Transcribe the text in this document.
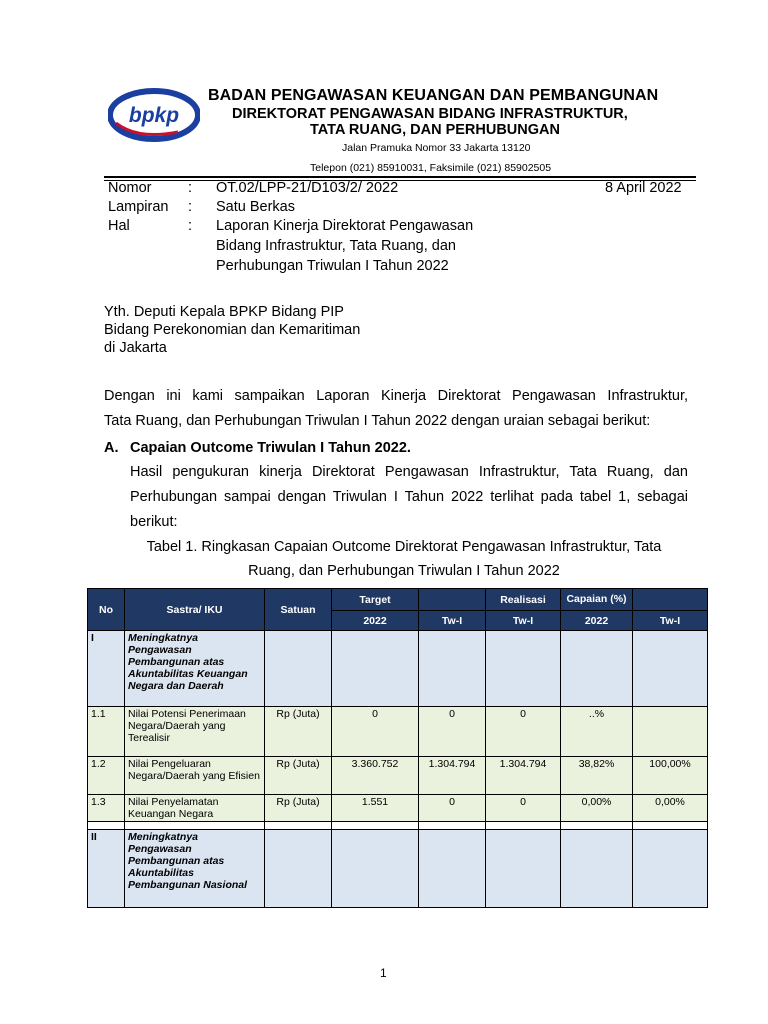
bpkp
BADAN PENGAWASAN KEUANGAN DAN PEMBANGUNAN
DIREKTORAT PENGAWASAN BIDANG INFRASTRUKTUR,
TATA RUANG, DAN PERHUBUNGAN
Jalan Pramuka Nomor 33 Jakarta 13120
Telepon (021) 85910031, Faksimile (021) 85902505
Nomor	: OT.02/LPP-21/D103/2/ 2022	8 April 2022
Lampiran : Satu Berkas
Hal	: Laporan Kinerja Direktorat Pengawasan
Bidang Infrastruktur, Tata Ruang, dan
Perhubungan Triwulan I Tahun 2022
Yth. Deputi Kepala BPKP Bidang PIP
Bidang Perekonomian dan Kemaritiman
di Jakarta
Dengan ini kami sampaikan Laporan Kinerja Direktorat Pengawasan Infrastruktur,
Tata Ruang, dan Perhubungan Triwulan I Tahun 2022 dengan uraian sebagai berikut:
A. Capaian Outcome Triwulan I Tahun 2022.
Hasil pengukuran kinerja Direktorat Pengawasan Infrastruktur, Tata Ruang, dan
Perhubungan sampai dengan Triwulan I Tahun 2022 terlihat pada tabel 1, sebagai
berikut:
Tabel 1. Ringkasan Capaian Outcome Direktorat Pengawasan Infrastruktur, Tata
Ruang, dan Perhubungan Triwulan I Tahun 2022
No	Sastra/ IKU	Satuan	Target		Realisasi	Capaian (%)	
			2022	Tw-I	Tw-I	2022	Tw-I
I	Meningkatnya Pengawasan Pembangunan atas Akuntabilitas Keuangan Negara dan Daerah						
1.1	Nilai Potensi Penerimaan Negara/Daerah yang Terealisir	Rp (Juta)	0	0	0	..%	
1.2	Nilai Pengeluaran Negara/Daerah yang Efisien	Rp (Juta)	3.360.752	1.304.794	1.304.794	38,82%	100,00%
1.3	Nilai Penyelamatan Keuangan Negara	Rp (Juta)	1.551	0	0	0,00%	0,00%

II	Meningkatnya Pengawasan Pembangunan atas Akuntabilitas Pembangunan Nasional						
1
